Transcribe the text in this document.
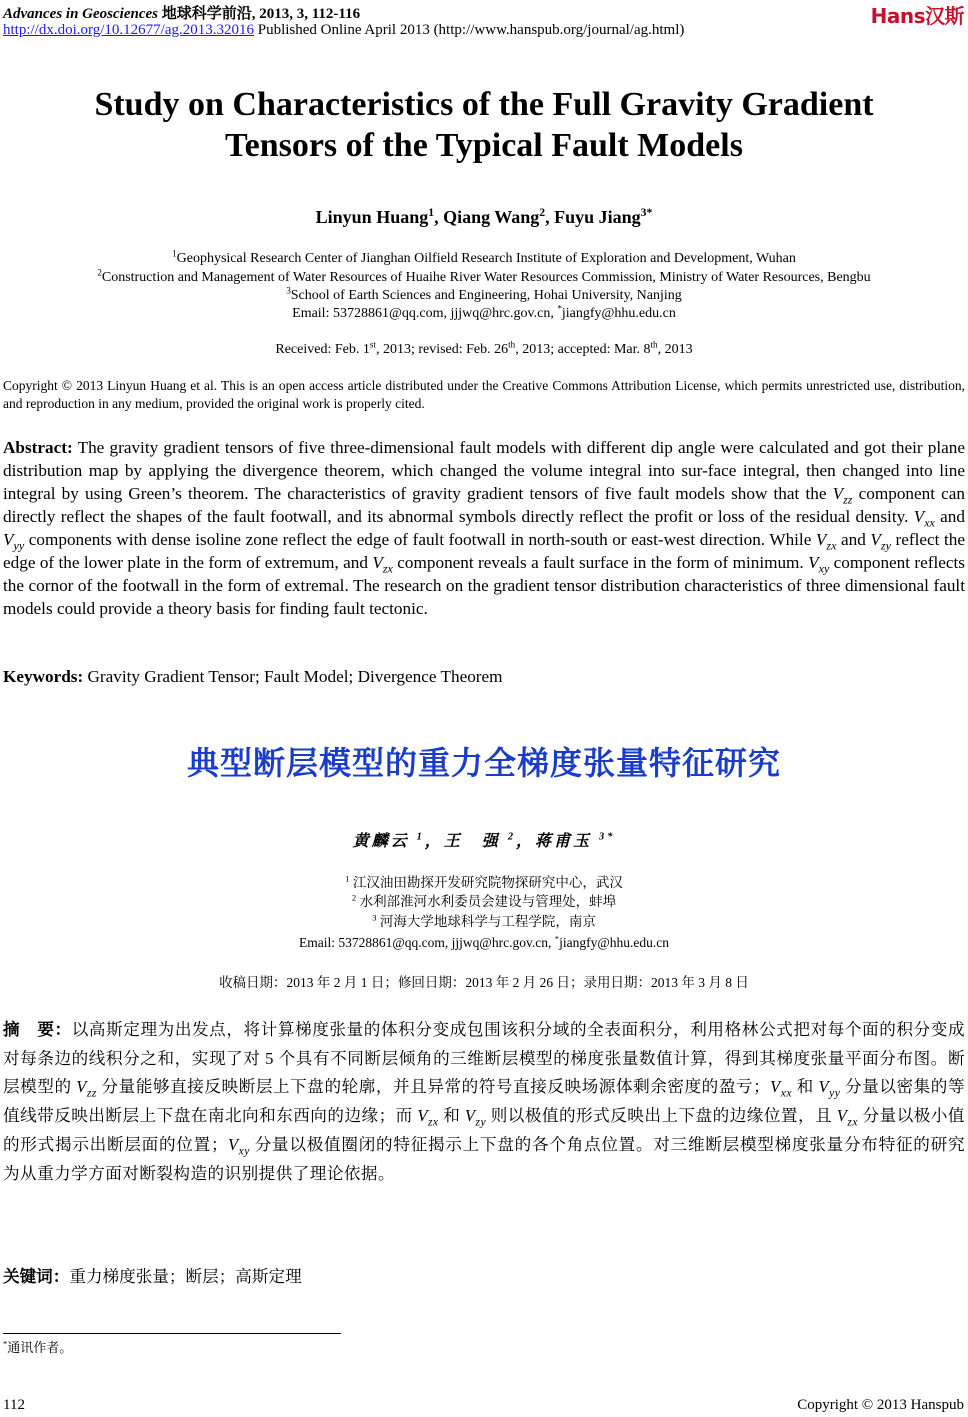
Advances in Geosciences 地球科学前沿, 2013, 3, 112-116
http://dx.doi.org/10.12677/ag.2013.32016 Published Online April 2013 (http://www.hanspub.org/journal/ag.html)
Hans汉斯
Study on Characteristics of the Full Gravity Gradient
Tensors of the Typical Fault Models
Linyun Huang$^1$, Qiang Wang$^2$, Fuyu Jiang$^{3*}$
$^1$Geophysical Research Center of Jianghan Oilfield Research Institute of Exploration and Development, Wuhan
$^2$Construction and Management of Water Resources of Huaihe River Water Resources Commission, Ministry of Water Resources, Bengbu
$^3$School of Earth Sciences and Engineering, Hohai University, Nanjing
Email: 53728861@qq.com, jjjwq@hrc.gov.cn, *jiangfy@hhu.edu.cn
Received: Feb. 1st, 2013; revised: Feb. 26th, 2013; accepted: Mar. 8th, 2013
Copyright © 2013 Linyun Huang et al. This is an open access article distributed under the Creative Commons Attribution License, which permits unrestricted use, distribution, and reproduction in any medium, provided the original work is properly cited.
Abstract: The gravity gradient tensors of five three-dimensional fault models with different dip angle were calculated and got their plane distribution map by applying the divergence theorem, which changed the volume integral into sur-face integral, then changed into line integral by using Green’s theorem. The characteristics of gravity gradient tensors of five fault models show that the $V_{zz}$ component can directly reflect the shapes of the fault footwall, and its abnormal symbols directly reflect the profit or loss of the residual density. $V_{xx}$ and $V_{yy}$ components with dense isoline zone reflect the edge of fault footwall in north-south or east-west direction. While $V_{zx}$ and $V_{zy}$ reflect the edge of the lower plate in the form of extremum, and $V_{zx}$ component reveals a fault surface in the form of minimum. $V_{xy}$ component reflects the cornor of the footwall in the form of extremal. The research on the gradient tensor distribution characteristics of three dimensional fault models could provide a theory basis for finding fault tectonic.
Keywords: Gravity Gradient Tensor; Fault Model; Divergence Theorem
典型断层模型的重力全梯度张量特征研究
黄麟云 $^1$，王　强 $^2$，蒋甫玉 $^{3*}$
$^1$ 江汉油田勘探开发研究院物探研究中心，武汉
$^2$ 水利部淮河水利委员会建设与管理处，蚌埠
$^3$ 河海大学地球科学与工程学院，南京
Email: 53728861@qq.com, jjjwq@hrc.gov.cn, *jiangfy@hhu.edu.cn
收稿日期：2013 年 2 月 1 日；修回日期：2013 年 2 月 26 日；录用日期：2013 年 3 月 8 日
摘　要：以高斯定理为出发点，将计算梯度张量的体积分变成包围该积分域的全表面积分，利用格林公式把对每个面的积分变成对每条边的线积分之和，实现了对 5 个具有不同断层倾角的三维断层模型的梯度张量数值计算，得到其梯度张量平面分布图。断层模型的 $V_{zz}$ 分量能够直接反映断层上下盘的轮廓，并且异常的符号直接反映场源体剩余密度的盈亏；$V_{xx}$ 和 $V_{yy}$ 分量以密集的等值线带反映出断层上下盘在南北向和东西向的边缘；而 $V_{zx}$ 和 $V_{zy}$ 则以极值的形式反映出上下盘的边缘位置，且 $V_{zx}$ 分量以极小值的形式揭示出断层面的位置；$V_{xy}$ 分量以极值圈闭的特征揭示上下盘的各个角点位置。对三维断层模型梯度张量分布特征的研究为从重力学方面对断裂构造的识别提供了理论依据。
关键词：重力梯度张量；断层；高斯定理
*通讯作者。
112	Copyright © 2013 Hanspub
